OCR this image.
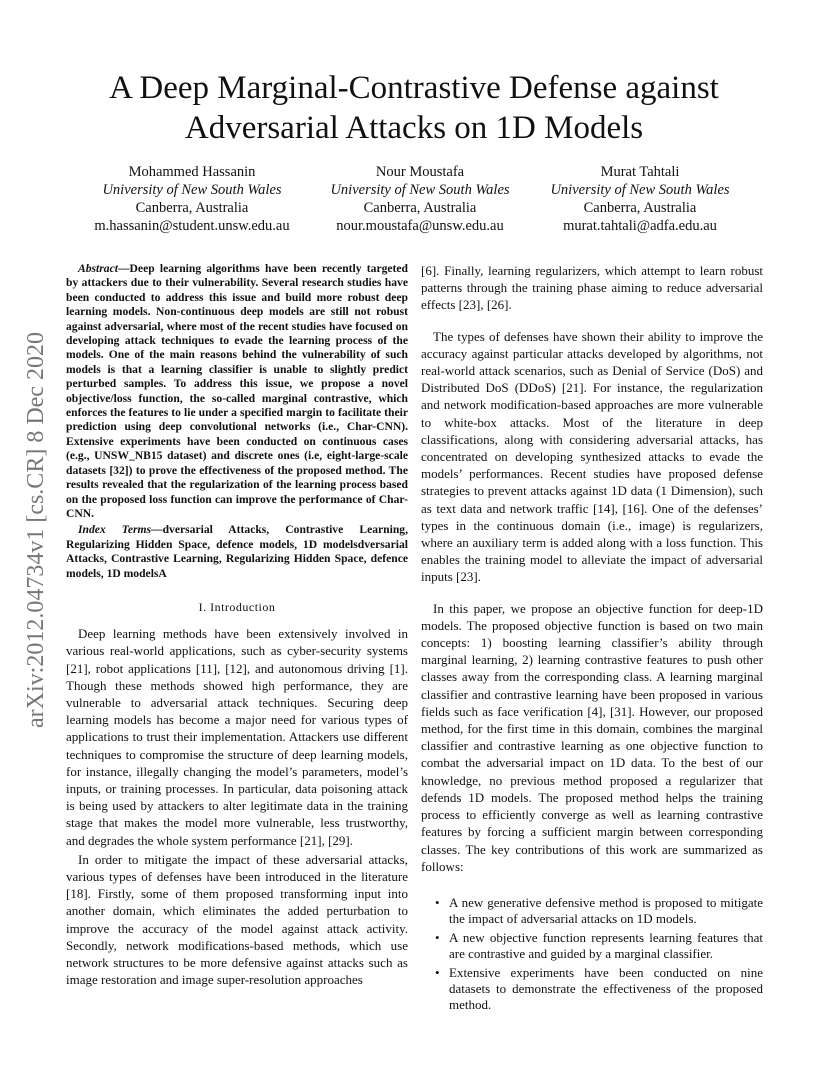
A Deep Marginal-Contrastive Defense against Adversarial Attacks on 1D Models
arXiv:2012.04734v1 [cs.CR] 8 Dec 2020
Mohammed Hassanin
University of New South Wales
Canberra, Australia
m.hassanin@student.unsw.edu.au
Nour Moustafa
University of New South Wales
Canberra, Australia
nour.moustafa@unsw.edu.au
Murat Tahtali
University of New South Wales
Canberra, Australia
murat.tahtali@adfa.edu.au

Abstract—Deep learning algorithms have been recently targeted by attackers due to their vulnerability. Several research studies have been conducted to address this issue and build more robust deep learning models. Non-continuous deep models are still not robust against adversarial, where most of the recent studies have focused on developing attack techniques to evade the learning process of the models. One of the main reasons behind the vulnerability of such models is that a learning classifier is unable to slightly predict perturbed samples. To address this issue, we propose a novel objective/loss function, the so-called marginal contrastive, which enforces the features to lie under a specified margin to facilitate their prediction using deep convolutional networks (i.e., Char-CNN). Extensive experiments have been conducted on continuous cases (e.g., UNSW_NB15 dataset) and discrete ones (i.e, eight-large-scale datasets [32]) to prove the effectiveness of the proposed method. The results revealed that the regularization of the learning process based on the proposed loss function can improve the performance of Char-CNN.

Index Terms—dversarial Attacks, Contrastive Learning, Regularizing Hidden Space, defence models, 1D modelsdversarial Attacks, Contrastive Learning, Regularizing Hidden Space, defence models, 1D modelsA

I. Introduction

Deep learning methods have been extensively involved in various real-world applications, such as cyber-security systems [21], robot applications [11], [12], and autonomous driving [1]. Though these methods showed high performance, they are vulnerable to adversarial attack techniques. Securing deep learning models has become a major need for various types of applications to trust their implementation. Attackers use different techniques to compromise the structure of deep learning models, for instance, illegally changing the model’s parameters, model’s inputs, or training processes. In particular, data poisoning attack is being used by attackers to alter legitimate data in the training stage that makes the model more vulnerable, less trustworthy, and degrades the whole system performance [21], [29].

In order to mitigate the impact of these adversarial attacks, various types of defenses have been introduced in the literature [18]. Firstly, some of them proposed transforming input into another domain, which eliminates the added perturbation to improve the accuracy of the model against attack activity. Secondly, network modifications-based methods, which use network structures to be more defensive against attacks such as image restoration and image super-resolution approaches

[6]. Finally, learning regularizers, which attempt to learn robust patterns through the training phase aiming to reduce adversarial effects [23], [26].

The types of defenses have shown their ability to improve the accuracy against particular attacks developed by algorithms, not real-world attack scenarios, such as Denial of Service (DoS) and Distributed DoS (DDoS) [21]. For instance, the regularization and network modification-based approaches are more vulnerable to white-box attacks. Most of the literature in deep classifications, along with considering adversarial attacks, has concentrated on developing synthesized attacks to evade the models’ performances. Recent studies have proposed defense strategies to prevent attacks against 1D data (1 Dimension), such as text data and network traffic [14], [16]. One of the defenses’ types in the continuous domain (i.e., image) is regularizers, where an auxiliary term is added along with a loss function. This enables the training model to alleviate the impact of adversarial inputs [23].

In this paper, we propose an objective function for deep-1D models. The proposed objective function is based on two main concepts: 1) boosting learning classifier’s ability through marginal learning, 2) learning contrastive features to push other classes away from the corresponding class. A learning marginal classifier and contrastive learning have been proposed in various fields such as face verification [4], [31]. However, our proposed method, for the first time in this domain, combines the marginal classifier and contrastive learning as one objective function to combat the adversarial impact on 1D data. To the best of our knowledge, no previous method proposed a regularizer that defends 1D models. The proposed method helps the training process to efficiently converge as well as learning contrastive features by forcing a sufficient margin between corresponding classes. The key contributions of this work are summarized as follows:

• A new generative defensive method is proposed to mitigate the impact of adversarial attacks on 1D models.
• A new objective function represents learning features that are contrastive and guided by a marginal classifier.
• Extensive experiments have been conducted on nine datasets to demonstrate the effectiveness of the proposed method.
